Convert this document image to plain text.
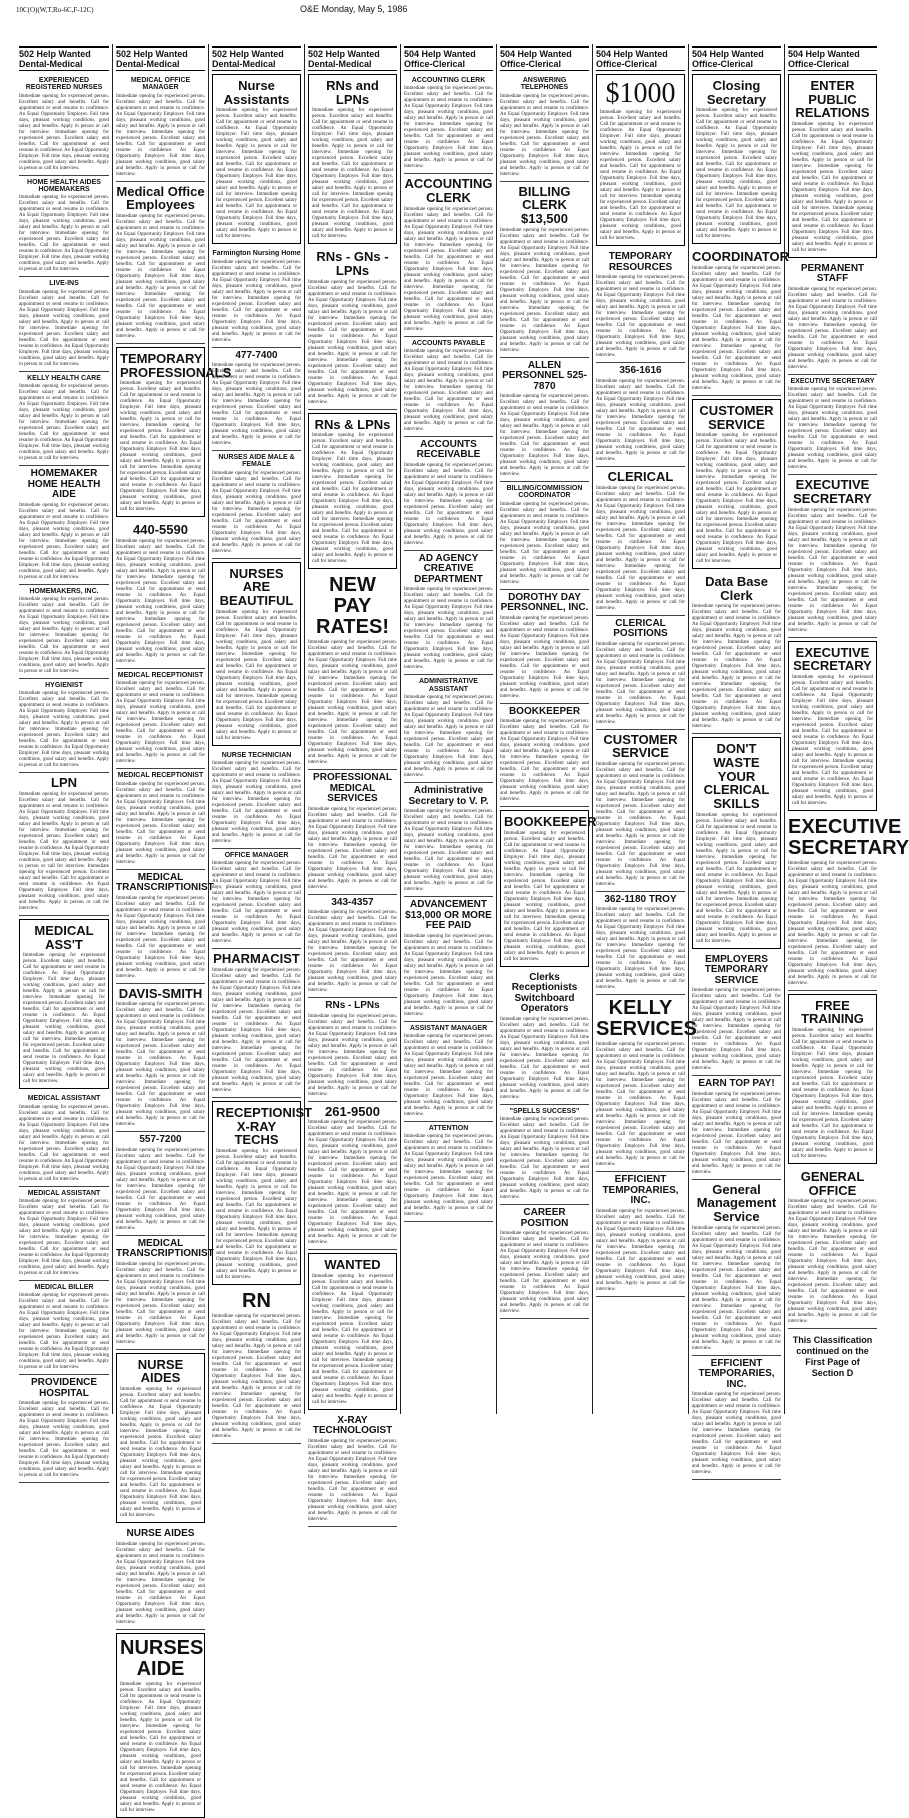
10C(O)(W,T,Ro-6C,F-12C)	O&E Monday, May 5, 1986
502 Help Wanted Dental-Medical
EXPERIENCED REGISTERED NURSES
Immediate opening for experienced person. Excellent salary and benefits. Call for appointment or send resume in confidence. An Equal Opportunity Employer. Full time days, pleasant working conditions, good salary and benefits. Apply in person or call for interview. Immediate opening for experienced person. Excellent salary and benefits. Call for appointment or send resume in confidence. An Equal Opportunity Employer. Full time days, pleasant working conditions, good salary and benefits. Apply in person or call for interview.
HOME HEALTH AIDES HOMEMAKERS
Immediate opening for experienced person. Excellent salary and benefits. Call for appointment or send resume in confidence. An Equal Opportunity Employer. Full time days, pleasant working conditions, good salary and benefits. Apply in person or call for interview. Immediate opening for experienced person. Excellent salary and benefits. Call for appointment or send resume in confidence. An Equal Opportunity Employer. Full time days, pleasant working conditions, good salary and benefits. Apply in person or call for interview.
LIVE-INS
Immediate opening for experienced person. Excellent salary and benefits. Call for appointment or send resume in confidence. An Equal Opportunity Employer. Full time days, pleasant working conditions, good salary and benefits. Apply in person or call for interview. Immediate opening for experienced person. Excellent salary and benefits. Call for appointment or send resume in confidence. An Equal Opportunity Employer. Full time days, pleasant working conditions, good salary and benefits. Apply in person or call for interview.
KELLY HEALTH CARE
Immediate opening for experienced person. Excellent salary and benefits. Call for appointment or send resume in confidence. An Equal Opportunity Employer. Full time days, pleasant working conditions, good salary and benefits. Apply in person or call for interview. Immediate opening for experienced person. Excellent salary and benefits. Call for appointment or send resume in confidence. An Equal Opportunity Employer. Full time days, pleasant working conditions, good salary and benefits. Apply in person or call for interview.
HOMEMAKER HOME HEALTH AIDE
Immediate opening for experienced person. Excellent salary and benefits. Call for appointment or send resume in confidence. An Equal Opportunity Employer. Full time days, pleasant working conditions, good salary and benefits. Apply in person or call for interview. Immediate opening for experienced person. Excellent salary and benefits. Call for appointment or send resume in confidence. An Equal Opportunity Employer. Full time days, pleasant working conditions, good salary and benefits. Apply in person or call for interview.
HOMEMAKERS, INC.
Immediate opening for experienced person. Excellent salary and benefits. Call for appointment or send resume in confidence. An Equal Opportunity Employer. Full time days, pleasant working conditions, good salary and benefits. Apply in person or call for interview. Immediate opening for experienced person. Excellent salary and benefits. Call for appointment or send resume in confidence. An Equal Opportunity Employer. Full time days, pleasant working conditions, good salary and benefits. Apply in person or call for interview.
HYGIENIST
Immediate opening for experienced person. Excellent salary and benefits. Call for appointment or send resume in confidence. An Equal Opportunity Employer. Full time days, pleasant working conditions, good salary and benefits. Apply in person or call for interview. Immediate opening for experienced person. Excellent salary and benefits. Call for appointment or send resume in confidence. An Equal Opportunity Employer. Full time days, pleasant working conditions, good salary and benefits. Apply in person or call for interview.
LPN
Immediate opening for experienced person. Excellent salary and benefits. Call for appointment or send resume in confidence. An Equal Opportunity Employer. Full time days, pleasant working conditions, good salary and benefits. Apply in person or call for interview. Immediate opening for experienced person. Excellent salary and benefits. Call for appointment or send resume in confidence. An Equal Opportunity Employer. Full time days, pleasant working conditions, good salary and benefits. Apply in person or call for interview. Immediate opening for experienced person. Excellent salary and benefits. Call for appointment or send resume in confidence. An Equal Opportunity Employer. Full time days, pleasant working conditions, good salary and benefits. Apply in person or call for interview.
MEDICAL ASS'T
Immediate opening for experienced person. Excellent salary and benefits. Call for appointment or send resume in confidence. An Equal Opportunity Employer. Full time days, pleasant working conditions, good salary and benefits. Apply in person or call for interview. Immediate opening for experienced person. Excellent salary and benefits. Call for appointment or send resume in confidence. An Equal Opportunity Employer. Full time days, pleasant working conditions, good salary and benefits. Apply in person or call for interview. Immediate opening for experienced person. Excellent salary and benefits. Call for appointment or send resume in confidence. An Equal Opportunity Employer. Full time days, pleasant working conditions, good salary and benefits. Apply in person or call for interview.
MEDICAL ASSISTANT
Immediate opening for experienced person. Excellent salary and benefits. Call for appointment or send resume in confidence. An Equal Opportunity Employer. Full time days, pleasant working conditions, good salary and benefits. Apply in person or call for interview. Immediate opening for experienced person. Excellent salary and benefits. Call for appointment or send resume in confidence. An Equal Opportunity Employer. Full time days, pleasant working conditions, good salary and benefits. Apply in person or call for interview.
MEDICAL ASSISTANT
Immediate opening for experienced person. Excellent salary and benefits. Call for appointment or send resume in confidence. An Equal Opportunity Employer. Full time days, pleasant working conditions, good salary and benefits. Apply in person or call for interview. Immediate opening for experienced person. Excellent salary and benefits. Call for appointment or send resume in confidence. An Equal Opportunity Employer. Full time days, pleasant working conditions, good salary and benefits. Apply in person or call for interview.
MEDICAL BILLER
Immediate opening for experienced person. Excellent salary and benefits. Call for appointment or send resume in confidence. An Equal Opportunity Employer. Full time days, pleasant working conditions, good salary and benefits. Apply in person or call for interview. Immediate opening for experienced person. Excellent salary and benefits. Call for appointment or send resume in confidence. An Equal Opportunity Employer. Full time days, pleasant working conditions, good salary and benefits. Apply in person or call for interview.
PROVIDENCE HOSPITAL
Immediate opening for experienced person. Excellent salary and benefits. Call for appointment or send resume in confidence. An Equal Opportunity Employer. Full time days, pleasant working conditions, good salary and benefits. Apply in person or call for interview. Immediate opening for experienced person. Excellent salary and benefits. Call for appointment or send resume in confidence. An Equal Opportunity Employer. Full time days, pleasant working conditions, good salary and benefits. Apply in person or call for interview.
502 Help Wanted Dental-Medical
MEDICAL OFFICE MANAGER
Immediate opening for experienced person. Excellent salary and benefits. Call for appointment or send resume in confidence. An Equal Opportunity Employer. Full time days, pleasant working conditions, good salary and benefits. Apply in person or call for interview. Immediate opening for experienced person. Excellent salary and benefits. Call for appointment or send resume in confidence. An Equal Opportunity Employer. Full time days, pleasant working conditions, good salary and benefits. Apply in person or call for interview.
Medical Office Employees
Immediate opening for experienced person. Excellent salary and benefits. Call for appointment or send resume in confidence. An Equal Opportunity Employer. Full time days, pleasant working conditions, good salary and benefits. Apply in person or call for interview. Immediate opening for experienced person. Excellent salary and benefits. Call for appointment or send resume in confidence. An Equal Opportunity Employer. Full time days, pleasant working conditions, good salary and benefits. Apply in person or call for interview. Immediate opening for experienced person. Excellent salary and benefits. Call for appointment or send resume in confidence. An Equal Opportunity Employer. Full time days, pleasant working conditions, good salary and benefits. Apply in person or call for interview.
TEMPORARY PROFESSIONALS
Immediate opening for experienced person. Excellent salary and benefits. Call for appointment or send resume in confidence. An Equal Opportunity Employer. Full time days, pleasant working conditions, good salary and benefits. Apply in person or call for interview. Immediate opening for experienced person. Excellent salary and benefits. Call for appointment or send resume in confidence. An Equal Opportunity Employer. Full time days, pleasant working conditions, good salary and benefits. Apply in person or call for interview. Immediate opening for experienced person. Excellent salary and benefits. Call for appointment or send resume in confidence. An Equal Opportunity Employer. Full time days, pleasant working conditions, good salary and benefits. Apply in person or call for interview.
440-5590
Immediate opening for experienced person. Excellent salary and benefits. Call for appointment or send resume in confidence. An Equal Opportunity Employer. Full time days, pleasant working conditions, good salary and benefits. Apply in person or call for interview. Immediate opening for experienced person. Excellent salary and benefits. Call for appointment or send resume in confidence. An Equal Opportunity Employer. Full time days, pleasant working conditions, good salary and benefits. Apply in person or call for interview. Immediate opening for experienced person. Excellent salary and benefits. Call for appointment or send resume in confidence. An Equal Opportunity Employer. Full time days, pleasant working conditions, good salary and benefits. Apply in person or call for interview.
MEDICAL RECEPTIONIST
Immediate opening for experienced person. Excellent salary and benefits. Call for appointment or send resume in confidence. An Equal Opportunity Employer. Full time days, pleasant working conditions, good salary and benefits. Apply in person or call for interview. Immediate opening for experienced person. Excellent salary and benefits. Call for appointment or send resume in confidence. An Equal Opportunity Employer. Full time days, pleasant working conditions, good salary and benefits. Apply in person or call for interview.
MEDICAL RECEPTIONIST
Immediate opening for experienced person. Excellent salary and benefits. Call for appointment or send resume in confidence. An Equal Opportunity Employer. Full time days, pleasant working conditions, good salary and benefits. Apply in person or call for interview. Immediate opening for experienced person. Excellent salary and benefits. Call for appointment or send resume in confidence. An Equal Opportunity Employer. Full time days, pleasant working conditions, good salary and benefits. Apply in person or call for interview.
MEDICAL TRANSCRIPTIONIST
Immediate opening for experienced person. Excellent salary and benefits. Call for appointment or send resume in confidence. An Equal Opportunity Employer. Full time days, pleasant working conditions, good salary and benefits. Apply in person or call for interview. Immediate opening for experienced person. Excellent salary and benefits. Call for appointment or send resume in confidence. An Equal Opportunity Employer. Full time days, pleasant working conditions, good salary and benefits. Apply in person or call for interview.
DAVIS-SMITH
Immediate opening for experienced person. Excellent salary and benefits. Call for appointment or send resume in confidence. An Equal Opportunity Employer. Full time days, pleasant working conditions, good salary and benefits. Apply in person or call for interview. Immediate opening for experienced person. Excellent salary and benefits. Call for appointment or send resume in confidence. An Equal Opportunity Employer. Full time days, pleasant working conditions, good salary and benefits. Apply in person or call for interview. Immediate opening for experienced person. Excellent salary and benefits. Call for appointment or send resume in confidence. An Equal Opportunity Employer. Full time days, pleasant working conditions, good salary and benefits. Apply in person or call for interview.
557-7200
Immediate opening for experienced person. Excellent salary and benefits. Call for appointment or send resume in confidence. An Equal Opportunity Employer. Full time days, pleasant working conditions, good salary and benefits. Apply in person or call for interview. Immediate opening for experienced person. Excellent salary and benefits. Call for appointment or send resume in confidence. An Equal Opportunity Employer. Full time days, pleasant working conditions, good salary and benefits. Apply in person or call for interview.
MEDICAL TRANSCRIPTIONIST
Immediate opening for experienced person. Excellent salary and benefits. Call for appointment or send resume in confidence. An Equal Opportunity Employer. Full time days, pleasant working conditions, good salary and benefits. Apply in person or call for interview. Immediate opening for experienced person. Excellent salary and benefits. Call for appointment or send resume in confidence. An Equal Opportunity Employer. Full time days, pleasant working conditions, good salary and benefits. Apply in person or call for interview.
NURSE AIDES
Immediate opening for experienced person. Excellent salary and benefits. Call for appointment or send resume in confidence. An Equal Opportunity Employer. Full time days, pleasant working conditions, good salary and benefits. Apply in person or call for interview. Immediate opening for experienced person. Excellent salary and benefits. Call for appointment or send resume in confidence. An Equal Opportunity Employer. Full time days, pleasant working conditions, good salary and benefits. Apply in person or call for interview. Immediate opening for experienced person. Excellent salary and benefits. Call for appointment or send resume in confidence. An Equal Opportunity Employer. Full time days, pleasant working conditions, good salary and benefits. Apply in person or call for interview.
NURSE AIDES
Immediate opening for experienced person. Excellent salary and benefits. Call for appointment or send resume in confidence. An Equal Opportunity Employer. Full time days, pleasant working conditions, good salary and benefits. Apply in person or call for interview. Immediate opening for experienced person. Excellent salary and benefits. Call for appointment or send resume in confidence. An Equal Opportunity Employer. Full time days, pleasant working conditions, good salary and benefits. Apply in person or call for interview.
NURSES AIDE
Immediate opening for experienced person. Excellent salary and benefits. Call for appointment or send resume in confidence. An Equal Opportunity Employer. Full time days, pleasant working conditions, good salary and benefits. Apply in person or call for interview. Immediate opening for experienced person. Excellent salary and benefits. Call for appointment or send resume in confidence. An Equal Opportunity Employer. Full time days, pleasant working conditions, good salary and benefits. Apply in person or call for interview. Immediate opening for experienced person. Excellent salary and benefits. Call for appointment or send resume in confidence. An Equal Opportunity Employer. Full time days, pleasant working conditions, good salary and benefits. Apply in person or call for interview.
502 Help Wanted Dental-Medical
Nurse Assistants
Immediate opening for experienced person. Excellent salary and benefits. Call for appointment or send resume in confidence. An Equal Opportunity Employer. Full time days, pleasant working conditions, good salary and benefits. Apply in person or call for interview. Immediate opening for experienced person. Excellent salary and benefits. Call for appointment or send resume in confidence. An Equal Opportunity Employer. Full time days, pleasant working conditions, good salary and benefits. Apply in person or call for interview. Immediate opening for experienced person. Excellent salary and benefits. Call for appointment or send resume in confidence. An Equal Opportunity Employer. Full time days, pleasant working conditions, good salary and benefits. Apply in person or call for interview.
Farmington Nursing Home
Immediate opening for experienced person. Excellent salary and benefits. Call for appointment or send resume in confidence. An Equal Opportunity Employer. Full time days, pleasant working conditions, good salary and benefits. Apply in person or call for interview. Immediate opening for experienced person. Excellent salary and benefits. Call for appointment or send resume in confidence. An Equal Opportunity Employer. Full time days, pleasant working conditions, good salary and benefits. Apply in person or call for interview.
477-7400
Immediate opening for experienced person. Excellent salary and benefits. Call for appointment or send resume in confidence. An Equal Opportunity Employer. Full time days, pleasant working conditions, good salary and benefits. Apply in person or call for interview. Immediate opening for experienced person. Excellent salary and benefits. Call for appointment or send resume in confidence. An Equal Opportunity Employer. Full time days, pleasant working conditions, good salary and benefits. Apply in person or call for interview.
NURSES AIDE MALE & FEMALE
Immediate opening for experienced person. Excellent salary and benefits. Call for appointment or send resume in confidence. An Equal Opportunity Employer. Full time days, pleasant working conditions, good salary and benefits. Apply in person or call for interview. Immediate opening for experienced person. Excellent salary and benefits. Call for appointment or send resume in confidence. An Equal Opportunity Employer. Full time days, pleasant working conditions, good salary and benefits. Apply in person or call for interview.
NURSES ARE BEAUTIFUL
Immediate opening for experienced person. Excellent salary and benefits. Call for appointment or send resume in confidence. An Equal Opportunity Employer. Full time days, pleasant working conditions, good salary and benefits. Apply in person or call for interview. Immediate opening for experienced person. Excellent salary and benefits. Call for appointment or send resume in confidence. An Equal Opportunity Employer. Full time days, pleasant working conditions, good salary and benefits. Apply in person or call for interview. Immediate opening for experienced person. Excellent salary and benefits. Call for appointment or send resume in confidence. An Equal Opportunity Employer. Full time days, pleasant working conditions, good salary and benefits. Apply in person or call for interview.
NURSE TECHNICIAN
Immediate opening for experienced person. Excellent salary and benefits. Call for appointment or send resume in confidence. An Equal Opportunity Employer. Full time days, pleasant working conditions, good salary and benefits. Apply in person or call for interview. Immediate opening for experienced person. Excellent salary and benefits. Call for appointment or send resume in confidence. An Equal Opportunity Employer. Full time days, pleasant working conditions, good salary and benefits. Apply in person or call for interview.
OFFICE MANAGER
Immediate opening for experienced person. Excellent salary and benefits. Call for appointment or send resume in confidence. An Equal Opportunity Employer. Full time days, pleasant working conditions, good salary and benefits. Apply in person or call for interview. Immediate opening for experienced person. Excellent salary and benefits. Call for appointment or send resume in confidence. An Equal Opportunity Employer. Full time days, pleasant working conditions, good salary and benefits. Apply in person or call for interview.
PHARMACIST
Immediate opening for experienced person. Excellent salary and benefits. Call for appointment or send resume in confidence. An Equal Opportunity Employer. Full time days, pleasant working conditions, good salary and benefits. Apply in person or call for interview. Immediate opening for experienced person. Excellent salary and benefits. Call for appointment or send resume in confidence. An Equal Opportunity Employer. Full time days, pleasant working conditions, good salary and benefits. Apply in person or call for interview. Immediate opening for experienced person. Excellent salary and benefits. Call for appointment or send resume in confidence. An Equal Opportunity Employer. Full time days, pleasant working conditions, good salary and benefits. Apply in person or call for interview.
RECEPTIONIST X-RAY TECHS
Immediate opening for experienced person. Excellent salary and benefits. Call for appointment or send resume in confidence. An Equal Opportunity Employer. Full time days, pleasant working conditions, good salary and benefits. Apply in person or call for interview. Immediate opening for experienced person. Excellent salary and benefits. Call for appointment or send resume in confidence. An Equal Opportunity Employer. Full time days, pleasant working conditions, good salary and benefits. Apply in person or call for interview. Immediate opening for experienced person. Excellent salary and benefits. Call for appointment or send resume in confidence. An Equal Opportunity Employer. Full time days, pleasant working conditions, good salary and benefits. Apply in person or call for interview.
RN
Immediate opening for experienced person. Excellent salary and benefits. Call for appointment or send resume in confidence. An Equal Opportunity Employer. Full time days, pleasant working conditions, good salary and benefits. Apply in person or call for interview. Immediate opening for experienced person. Excellent salary and benefits. Call for appointment or send resume in confidence. An Equal Opportunity Employer. Full time days, pleasant working conditions, good salary and benefits. Apply in person or call for interview. Immediate opening for experienced person. Excellent salary and benefits. Call for appointment or send resume in confidence. An Equal Opportunity Employer. Full time days, pleasant working conditions, good salary and benefits. Apply in person or call for interview.
502 Help Wanted Dental-Medical
RNs and LPNs
Immediate opening for experienced person. Excellent salary and benefits. Call for appointment or send resume in confidence. An Equal Opportunity Employer. Full time days, pleasant working conditions, good salary and benefits. Apply in person or call for interview. Immediate opening for experienced person. Excellent salary and benefits. Call for appointment or send resume in confidence. An Equal Opportunity Employer. Full time days, pleasant working conditions, good salary and benefits. Apply in person or call for interview. Immediate opening for experienced person. Excellent salary and benefits. Call for appointment or send resume in confidence. An Equal Opportunity Employer. Full time days, pleasant working conditions, good salary and benefits. Apply in person or call for interview.
RNs - GNs - LPNs
Immediate opening for experienced person. Excellent salary and benefits. Call for appointment or send resume in confidence. An Equal Opportunity Employer. Full time days, pleasant working conditions, good salary and benefits. Apply in person or call for interview. Immediate opening for experienced person. Excellent salary and benefits. Call for appointment or send resume in confidence. An Equal Opportunity Employer. Full time days, pleasant working conditions, good salary and benefits. Apply in person or call for interview. Immediate opening for experienced person. Excellent salary and benefits. Call for appointment or send resume in confidence. An Equal Opportunity Employer. Full time days, pleasant working conditions, good salary and benefits. Apply in person or call for interview.
RNs & LPNs
Immediate opening for experienced person. Excellent salary and benefits. Call for appointment or send resume in confidence. An Equal Opportunity Employer. Full time days, pleasant working conditions, good salary and benefits. Apply in person or call for interview. Immediate opening for experienced person. Excellent salary and benefits. Call for appointment or send resume in confidence. An Equal Opportunity Employer. Full time days, pleasant working conditions, good salary and benefits. Apply in person or call for interview. Immediate opening for experienced person. Excellent salary and benefits. Call for appointment or send resume in confidence. An Equal Opportunity Employer. Full time days, pleasant working conditions, good salary and benefits. Apply in person or call for interview.
NEW PAY RATES!
Immediate opening for experienced person. Excellent salary and benefits. Call for appointment or send resume in confidence. An Equal Opportunity Employer. Full time days, pleasant working conditions, good salary and benefits. Apply in person or call for interview. Immediate opening for experienced person. Excellent salary and benefits. Call for appointment or send resume in confidence. An Equal Opportunity Employer. Full time days, pleasant working conditions, good salary and benefits. Apply in person or call for interview. Immediate opening for experienced person. Excellent salary and benefits. Call for appointment or send resume in confidence. An Equal Opportunity Employer. Full time days, pleasant working conditions, good salary and benefits. Apply in person or call for interview.
PROFESSIONAL MEDICAL SERVICES
Immediate opening for experienced person. Excellent salary and benefits. Call for appointment or send resume in confidence. An Equal Opportunity Employer. Full time days, pleasant working conditions, good salary and benefits. Apply in person or call for interview. Immediate opening for experienced person. Excellent salary and benefits. Call for appointment or send resume in confidence. An Equal Opportunity Employer. Full time days, pleasant working conditions, good salary and benefits. Apply in person or call for interview.
343-4357
Immediate opening for experienced person. Excellent salary and benefits. Call for appointment or send resume in confidence. An Equal Opportunity Employer. Full time days, pleasant working conditions, good salary and benefits. Apply in person or call for interview. Immediate opening for experienced person. Excellent salary and benefits. Call for appointment or send resume in confidence. An Equal Opportunity Employer. Full time days, pleasant working conditions, good salary and benefits. Apply in person or call for interview.
RNs - LPNs
Immediate opening for experienced person. Excellent salary and benefits. Call for appointment or send resume in confidence. An Equal Opportunity Employer. Full time days, pleasant working conditions, good salary and benefits. Apply in person or call for interview. Immediate opening for experienced person. Excellent salary and benefits. Call for appointment or send resume in confidence. An Equal Opportunity Employer. Full time days, pleasant working conditions, good salary and benefits. Apply in person or call for interview.
261-9500
Immediate opening for experienced person. Excellent salary and benefits. Call for appointment or send resume in confidence. An Equal Opportunity Employer. Full time days, pleasant working conditions, good salary and benefits. Apply in person or call for interview. Immediate opening for experienced person. Excellent salary and benefits. Call for appointment or send resume in confidence. An Equal Opportunity Employer. Full time days, pleasant working conditions, good salary and benefits. Apply in person or call for interview. Immediate opening for experienced person. Excellent salary and benefits. Call for appointment or send resume in confidence. An Equal Opportunity Employer. Full time days, pleasant working conditions, good salary and benefits. Apply in person or call for interview.
WANTED
Immediate opening for experienced person. Excellent salary and benefits. Call for appointment or send resume in confidence. An Equal Opportunity Employer. Full time days, pleasant working conditions, good salary and benefits. Apply in person or call for interview. Immediate opening for experienced person. Excellent salary and benefits. Call for appointment or send resume in confidence. An Equal Opportunity Employer. Full time days, pleasant working conditions, good salary and benefits. Apply in person or call for interview. Immediate opening for experienced person. Excellent salary and benefits. Call for appointment or send resume in confidence. An Equal Opportunity Employer. Full time days, pleasant working conditions, good salary and benefits. Apply in person or call for interview.
X-RAY TECHNOLOGIST
Immediate opening for experienced person. Excellent salary and benefits. Call for appointment or send resume in confidence. An Equal Opportunity Employer. Full time days, pleasant working conditions, good salary and benefits. Apply in person or call for interview. Immediate opening for experienced person. Excellent salary and benefits. Call for appointment or send resume in confidence. An Equal Opportunity Employer. Full time days, pleasant working conditions, good salary and benefits. Apply in person or call for interview.
504 Help Wanted Office-Clerical
ACCOUNTING CLERK
Immediate opening for experienced person. Excellent salary and benefits. Call for appointment or send resume in confidence. An Equal Opportunity Employer. Full time days, pleasant working conditions, good salary and benefits. Apply in person or call for interview. Immediate opening for experienced person. Excellent salary and benefits. Call for appointment or send resume in confidence. An Equal Opportunity Employer. Full time days, pleasant working conditions, good salary and benefits. Apply in person or call for interview.
ACCOUNTING CLERK
Immediate opening for experienced person. Excellent salary and benefits. Call for appointment or send resume in confidence. An Equal Opportunity Employer. Full time days, pleasant working conditions, good salary and benefits. Apply in person or call for interview. Immediate opening for experienced person. Excellent salary and benefits. Call for appointment or send resume in confidence. An Equal Opportunity Employer. Full time days, pleasant working conditions, good salary and benefits. Apply in person or call for interview. Immediate opening for experienced person. Excellent salary and benefits. Call for appointment or send resume in confidence. An Equal Opportunity Employer. Full time days, pleasant working conditions, good salary and benefits. Apply in person or call for interview.
ACCOUNTS PAYABLE
Immediate opening for experienced person. Excellent salary and benefits. Call for appointment or send resume in confidence. An Equal Opportunity Employer. Full time days, pleasant working conditions, good salary and benefits. Apply in person or call for interview. Immediate opening for experienced person. Excellent salary and benefits. Call for appointment or send resume in confidence. An Equal Opportunity Employer. Full time days, pleasant working conditions, good salary and benefits. Apply in person or call for interview.
ACCOUNTS RECEIVABLE
Immediate opening for experienced person. Excellent salary and benefits. Call for appointment or send resume in confidence. An Equal Opportunity Employer. Full time days, pleasant working conditions, good salary and benefits. Apply in person or call for interview. Immediate opening for experienced person. Excellent salary and benefits. Call for appointment or send resume in confidence. An Equal Opportunity Employer. Full time days, pleasant working conditions, good salary and benefits. Apply in person or call for interview.
AD AGENCY CREATIVE DEPARTMENT
Immediate opening for experienced person. Excellent salary and benefits. Call for appointment or send resume in confidence. An Equal Opportunity Employer. Full time days, pleasant working conditions, good salary and benefits. Apply in person or call for interview. Immediate opening for experienced person. Excellent salary and benefits. Call for appointment or send resume in confidence. An Equal Opportunity Employer. Full time days, pleasant working conditions, good salary and benefits. Apply in person or call for interview.
ADMINISTRATIVE ASSISTANT
Immediate opening for experienced person. Excellent salary and benefits. Call for appointment or send resume in confidence. An Equal Opportunity Employer. Full time days, pleasant working conditions, good salary and benefits. Apply in person or call for interview. Immediate opening for experienced person. Excellent salary and benefits. Call for appointment or send resume in confidence. An Equal Opportunity Employer. Full time days, pleasant working conditions, good salary and benefits. Apply in person or call for interview.
Administrative Secretary to V. P.
Immediate opening for experienced person. Excellent salary and benefits. Call for appointment or send resume in confidence. An Equal Opportunity Employer. Full time days, pleasant working conditions, good salary and benefits. Apply in person or call for interview. Immediate opening for experienced person. Excellent salary and benefits. Call for appointment or send resume in confidence. An Equal Opportunity Employer. Full time days, pleasant working conditions, good salary and benefits. Apply in person or call for interview.
ADVANCEMENT $13,000 OR MORE FEE PAID
Immediate opening for experienced person. Excellent salary and benefits. Call for appointment or send resume in confidence. An Equal Opportunity Employer. Full time days, pleasant working conditions, good salary and benefits. Apply in person or call for interview. Immediate opening for experienced person. Excellent salary and benefits. Call for appointment or send resume in confidence. An Equal Opportunity Employer. Full time days, pleasant working conditions, good salary and benefits. Apply in person or call for interview.
ASSISTANT MANAGER
Immediate opening for experienced person. Excellent salary and benefits. Call for appointment or send resume in confidence. An Equal Opportunity Employer. Full time days, pleasant working conditions, good salary and benefits. Apply in person or call for interview. Immediate opening for experienced person. Excellent salary and benefits. Call for appointment or send resume in confidence. An Equal Opportunity Employer. Full time days, pleasant working conditions, good salary and benefits. Apply in person or call for interview.
ATTENTION
Immediate opening for experienced person. Excellent salary and benefits. Call for appointment or send resume in confidence. An Equal Opportunity Employer. Full time days, pleasant working conditions, good salary and benefits. Apply in person or call for interview. Immediate opening for experienced person. Excellent salary and benefits. Call for appointment or send resume in confidence. An Equal Opportunity Employer. Full time days, pleasant working conditions, good salary and benefits. Apply in person or call for interview.
504 Help Wanted Office-Clerical
ANSWERING TELEPHONES
Immediate opening for experienced person. Excellent salary and benefits. Call for appointment or send resume in confidence. An Equal Opportunity Employer. Full time days, pleasant working conditions, good salary and benefits. Apply in person or call for interview. Immediate opening for experienced person. Excellent salary and benefits. Call for appointment or send resume in confidence. An Equal Opportunity Employer. Full time days, pleasant working conditions, good salary and benefits. Apply in person or call for interview.
BILLING CLERK $13,500
Immediate opening for experienced person. Excellent salary and benefits. Call for appointment or send resume in confidence. An Equal Opportunity Employer. Full time days, pleasant working conditions, good salary and benefits. Apply in person or call for interview. Immediate opening for experienced person. Excellent salary and benefits. Call for appointment or send resume in confidence. An Equal Opportunity Employer. Full time days, pleasant working conditions, good salary and benefits. Apply in person or call for interview. Immediate opening for experienced person. Excellent salary and benefits. Call for appointment or send resume in confidence. An Equal Opportunity Employer. Full time days, pleasant working conditions, good salary and benefits. Apply in person or call for interview.
ALLEN PERSONNEL 525-7870
Immediate opening for experienced person. Excellent salary and benefits. Call for appointment or send resume in confidence. An Equal Opportunity Employer. Full time days, pleasant working conditions, good salary and benefits. Apply in person or call for interview. Immediate opening for experienced person. Excellent salary and benefits. Call for appointment or send resume in confidence. An Equal Opportunity Employer. Full time days, pleasant working conditions, good salary and benefits. Apply in person or call for interview.
BILLING/COMMISSION COORDINATOR
Immediate opening for experienced person. Excellent salary and benefits. Call for appointment or send resume in confidence. An Equal Opportunity Employer. Full time days, pleasant working conditions, good salary and benefits. Apply in person or call for interview. Immediate opening for experienced person. Excellent salary and benefits. Call for appointment or send resume in confidence. An Equal Opportunity Employer. Full time days, pleasant working conditions, good salary and benefits. Apply in person or call for interview.
DOROTHY DAY PERSONNEL, INC.
Immediate opening for experienced person. Excellent salary and benefits. Call for appointment or send resume in confidence. An Equal Opportunity Employer. Full time days, pleasant working conditions, good salary and benefits. Apply in person or call for interview. Immediate opening for experienced person. Excellent salary and benefits. Call for appointment or send resume in confidence. An Equal Opportunity Employer. Full time days, pleasant working conditions, good salary and benefits. Apply in person or call for interview.
BOOKKEEPER
Immediate opening for experienced person. Excellent salary and benefits. Call for appointment or send resume in confidence. An Equal Opportunity Employer. Full time days, pleasant working conditions, good salary and benefits. Apply in person or call for interview. Immediate opening for experienced person. Excellent salary and benefits. Call for appointment or send resume in confidence. An Equal Opportunity Employer. Full time days, pleasant working conditions, good salary and benefits. Apply in person or call for interview.
BOOKKEEPER
Immediate opening for experienced person. Excellent salary and benefits. Call for appointment or send resume in confidence. An Equal Opportunity Employer. Full time days, pleasant working conditions, good salary and benefits. Apply in person or call for interview. Immediate opening for experienced person. Excellent salary and benefits. Call for appointment or send resume in confidence. An Equal Opportunity Employer. Full time days, pleasant working conditions, good salary and benefits. Apply in person or call for interview. Immediate opening for experienced person. Excellent salary and benefits. Call for appointment or send resume in confidence. An Equal Opportunity Employer. Full time days, pleasant working conditions, good salary and benefits. Apply in person or call for interview.
Clerks Receptionists Switchboard Operators
Immediate opening for experienced person. Excellent salary and benefits. Call for appointment or send resume in confidence. An Equal Opportunity Employer. Full time days, pleasant working conditions, good salary and benefits. Apply in person or call for interview. Immediate opening for experienced person. Excellent salary and benefits. Call for appointment or send resume in confidence. An Equal Opportunity Employer. Full time days, pleasant working conditions, good salary and benefits. Apply in person or call for interview.
"SPELLS SUCCESS"
Immediate opening for experienced person. Excellent salary and benefits. Call for appointment or send resume in confidence. An Equal Opportunity Employer. Full time days, pleasant working conditions, good salary and benefits. Apply in person or call for interview. Immediate opening for experienced person. Excellent salary and benefits. Call for appointment or send resume in confidence. An Equal Opportunity Employer. Full time days, pleasant working conditions, good salary and benefits. Apply in person or call for interview.
CAREER POSITION
Immediate opening for experienced person. Excellent salary and benefits. Call for appointment or send resume in confidence. An Equal Opportunity Employer. Full time days, pleasant working conditions, good salary and benefits. Apply in person or call for interview. Immediate opening for experienced person. Excellent salary and benefits. Call for appointment or send resume in confidence. An Equal Opportunity Employer. Full time days, pleasant working conditions, good salary and benefits. Apply in person or call for interview.
504 Help Wanted Office-Clerical
$1000
Immediate opening for experienced person. Excellent salary and benefits. Call for appointment or send resume in confidence. An Equal Opportunity Employer. Full time days, pleasant working conditions, good salary and benefits. Apply in person or call for interview. Immediate opening for experienced person. Excellent salary and benefits. Call for appointment or send resume in confidence. An Equal Opportunity Employer. Full time days, pleasant working conditions, good salary and benefits. Apply in person or call for interview. Immediate opening for experienced person. Excellent salary and benefits. Call for appointment or send resume in confidence. An Equal Opportunity Employer. Full time days, pleasant working conditions, good salary and benefits. Apply in person or call for interview.
TEMPORARY RESOURCES
Immediate opening for experienced person. Excellent salary and benefits. Call for appointment or send resume in confidence. An Equal Opportunity Employer. Full time days, pleasant working conditions, good salary and benefits. Apply in person or call for interview. Immediate opening for experienced person. Excellent salary and benefits. Call for appointment or send resume in confidence. An Equal Opportunity Employer. Full time days, pleasant working conditions, good salary and benefits. Apply in person or call for interview.
356-1616
Immediate opening for experienced person. Excellent salary and benefits. Call for appointment or send resume in confidence. An Equal Opportunity Employer. Full time days, pleasant working conditions, good salary and benefits. Apply in person or call for interview. Immediate opening for experienced person. Excellent salary and benefits. Call for appointment or send resume in confidence. An Equal Opportunity Employer. Full time days, pleasant working conditions, good salary and benefits. Apply in person or call for interview.
CLERICAL
Immediate opening for experienced person. Excellent salary and benefits. Call for appointment or send resume in confidence. An Equal Opportunity Employer. Full time days, pleasant working conditions, good salary and benefits. Apply in person or call for interview. Immediate opening for experienced person. Excellent salary and benefits. Call for appointment or send resume in confidence. An Equal Opportunity Employer. Full time days, pleasant working conditions, good salary and benefits. Apply in person or call for interview. Immediate opening for experienced person. Excellent salary and benefits. Call for appointment or send resume in confidence. An Equal Opportunity Employer. Full time days, pleasant working conditions, good salary and benefits. Apply in person or call for interview.
CLERICAL POSITIONS
Immediate opening for experienced person. Excellent salary and benefits. Call for appointment or send resume in confidence. An Equal Opportunity Employer. Full time days, pleasant working conditions, good salary and benefits. Apply in person or call for interview. Immediate opening for experienced person. Excellent salary and benefits. Call for appointment or send resume in confidence. An Equal Opportunity Employer. Full time days, pleasant working conditions, good salary and benefits. Apply in person or call for interview.
CUSTOMER SERVICE
Immediate opening for experienced person. Excellent salary and benefits. Call for appointment or send resume in confidence. An Equal Opportunity Employer. Full time days, pleasant working conditions, good salary and benefits. Apply in person or call for interview. Immediate opening for experienced person. Excellent salary and benefits. Call for appointment or send resume in confidence. An Equal Opportunity Employer. Full time days, pleasant working conditions, good salary and benefits. Apply in person or call for interview. Immediate opening for experienced person. Excellent salary and benefits. Call for appointment or send resume in confidence. An Equal Opportunity Employer. Full time days, pleasant working conditions, good salary and benefits. Apply in person or call for interview.
362-1180 TROY
Immediate opening for experienced person. Excellent salary and benefits. Call for appointment or send resume in confidence. An Equal Opportunity Employer. Full time days, pleasant working conditions, good salary and benefits. Apply in person or call for interview. Immediate opening for experienced person. Excellent salary and benefits. Call for appointment or send resume in confidence. An Equal Opportunity Employer. Full time days, pleasant working conditions, good salary and benefits. Apply in person or call for interview.
KELLY SERVICES
Immediate opening for experienced person. Excellent salary and benefits. Call for appointment or send resume in confidence. An Equal Opportunity Employer. Full time days, pleasant working conditions, good salary and benefits. Apply in person or call for interview. Immediate opening for experienced person. Excellent salary and benefits. Call for appointment or send resume in confidence. An Equal Opportunity Employer. Full time days, pleasant working conditions, good salary and benefits. Apply in person or call for interview. Immediate opening for experienced person. Excellent salary and benefits. Call for appointment or send resume in confidence. An Equal Opportunity Employer. Full time days, pleasant working conditions, good salary and benefits. Apply in person or call for interview.
EFFICIENT TEMPORARIES, INC.
Immediate opening for experienced person. Excellent salary and benefits. Call for appointment or send resume in confidence. An Equal Opportunity Employer. Full time days, pleasant working conditions, good salary and benefits. Apply in person or call for interview. Immediate opening for experienced person. Excellent salary and benefits. Call for appointment or send resume in confidence. An Equal Opportunity Employer. Full time days, pleasant working conditions, good salary and benefits. Apply in person or call for interview.
504 Help Wanted Office-Clerical
Closing Secretary
Immediate opening for experienced person. Excellent salary and benefits. Call for appointment or send resume in confidence. An Equal Opportunity Employer. Full time days, pleasant working conditions, good salary and benefits. Apply in person or call for interview. Immediate opening for experienced person. Excellent salary and benefits. Call for appointment or send resume in confidence. An Equal Opportunity Employer. Full time days, pleasant working conditions, good salary and benefits. Apply in person or call for interview. Immediate opening for experienced person. Excellent salary and benefits. Call for appointment or send resume in confidence. An Equal Opportunity Employer. Full time days, pleasant working conditions, good salary and benefits. Apply in person or call for interview.
COORDINATOR
Immediate opening for experienced person. Excellent salary and benefits. Call for appointment or send resume in confidence. An Equal Opportunity Employer. Full time days, pleasant working conditions, good salary and benefits. Apply in person or call for interview. Immediate opening for experienced person. Excellent salary and benefits. Call for appointment or send resume in confidence. An Equal Opportunity Employer. Full time days, pleasant working conditions, good salary and benefits. Apply in person or call for interview. Immediate opening for experienced person. Excellent salary and benefits. Call for appointment or send resume in confidence. An Equal Opportunity Employer. Full time days, pleasant working conditions, good salary and benefits. Apply in person or call for interview.
CUSTOMER SERVICE
Immediate opening for experienced person. Excellent salary and benefits. Call for appointment or send resume in confidence. An Equal Opportunity Employer. Full time days, pleasant working conditions, good salary and benefits. Apply in person or call for interview. Immediate opening for experienced person. Excellent salary and benefits. Call for appointment or send resume in confidence. An Equal Opportunity Employer. Full time days, pleasant working conditions, good salary and benefits. Apply in person or call for interview. Immediate opening for experienced person. Excellent salary and benefits. Call for appointment or send resume in confidence. An Equal Opportunity Employer. Full time days, pleasant working conditions, good salary and benefits. Apply in person or call for interview.
Data Base Clerk
Immediate opening for experienced person. Excellent salary and benefits. Call for appointment or send resume in confidence. An Equal Opportunity Employer. Full time days, pleasant working conditions, good salary and benefits. Apply in person or call for interview. Immediate opening for experienced person. Excellent salary and benefits. Call for appointment or send resume in confidence. An Equal Opportunity Employer. Full time days, pleasant working conditions, good salary and benefits. Apply in person or call for interview. Immediate opening for experienced person. Excellent salary and benefits. Call for appointment or send resume in confidence. An Equal Opportunity Employer. Full time days, pleasant working conditions, good salary and benefits. Apply in person or call for interview.
DON'T WASTE YOUR CLERICAL SKILLS
Immediate opening for experienced person. Excellent salary and benefits. Call for appointment or send resume in confidence. An Equal Opportunity Employer. Full time days, pleasant working conditions, good salary and benefits. Apply in person or call for interview. Immediate opening for experienced person. Excellent salary and benefits. Call for appointment or send resume in confidence. An Equal Opportunity Employer. Full time days, pleasant working conditions, good salary and benefits. Apply in person or call for interview. Immediate opening for experienced person. Excellent salary and benefits. Call for appointment or send resume in confidence. An Equal Opportunity Employer. Full time days, pleasant working conditions, good salary and benefits. Apply in person or call for interview.
EMPLOYERS TEMPORARY SERVICE
Immediate opening for experienced person. Excellent salary and benefits. Call for appointment or send resume in confidence. An Equal Opportunity Employer. Full time days, pleasant working conditions, good salary and benefits. Apply in person or call for interview. Immediate opening for experienced person. Excellent salary and benefits. Call for appointment or send resume in confidence. An Equal Opportunity Employer. Full time days, pleasant working conditions, good salary and benefits. Apply in person or call for interview.
EARN TOP PAY!
Immediate opening for experienced person. Excellent salary and benefits. Call for appointment or send resume in confidence. An Equal Opportunity Employer. Full time days, pleasant working conditions, good salary and benefits. Apply in person or call for interview. Immediate opening for experienced person. Excellent salary and benefits. Call for appointment or send resume in confidence. An Equal Opportunity Employer. Full time days, pleasant working conditions, good salary and benefits. Apply in person or call for interview.
General Management Service
Immediate opening for experienced person. Excellent salary and benefits. Call for appointment or send resume in confidence. An Equal Opportunity Employer. Full time days, pleasant working conditions, good salary and benefits. Apply in person or call for interview. Immediate opening for experienced person. Excellent salary and benefits. Call for appointment or send resume in confidence. An Equal Opportunity Employer. Full time days, pleasant working conditions, good salary and benefits. Apply in person or call for interview. Immediate opening for experienced person. Excellent salary and benefits. Call for appointment or send resume in confidence. An Equal Opportunity Employer. Full time days, pleasant working conditions, good salary and benefits. Apply in person or call for interview.
EFFICIENT TEMPORARIES, INC.
Immediate opening for experienced person. Excellent salary and benefits. Call for appointment or send resume in confidence. An Equal Opportunity Employer. Full time days, pleasant working conditions, good salary and benefits. Apply in person or call for interview. Immediate opening for experienced person. Excellent salary and benefits. Call for appointment or send resume in confidence. An Equal Opportunity Employer. Full time days, pleasant working conditions, good salary and benefits. Apply in person or call for interview.
504 Help Wanted Office-Clerical
ENTER PUBLIC RELATIONS
Immediate opening for experienced person. Excellent salary and benefits. Call for appointment or send resume in confidence. An Equal Opportunity Employer. Full time days, pleasant working conditions, good salary and benefits. Apply in person or call for interview. Immediate opening for experienced person. Excellent salary and benefits. Call for appointment or send resume in confidence. An Equal Opportunity Employer. Full time days, pleasant working conditions, good salary and benefits. Apply in person or call for interview. Immediate opening for experienced person. Excellent salary and benefits. Call for appointment or send resume in confidence. An Equal Opportunity Employer. Full time days, pleasant working conditions, good salary and benefits. Apply in person or call for interview.
PERMANENT STAFF
Immediate opening for experienced person. Excellent salary and benefits. Call for appointment or send resume in confidence. An Equal Opportunity Employer. Full time days, pleasant working conditions, good salary and benefits. Apply in person or call for interview. Immediate opening for experienced person. Excellent salary and benefits. Call for appointment or send resume in confidence. An Equal Opportunity Employer. Full time days, pleasant working conditions, good salary and benefits. Apply in person or call for interview.
EXECUTIVE SECRETARY
Immediate opening for experienced person. Excellent salary and benefits. Call for appointment or send resume in confidence. An Equal Opportunity Employer. Full time days, pleasant working conditions, good salary and benefits. Apply in person or call for interview. Immediate opening for experienced person. Excellent salary and benefits. Call for appointment or send resume in confidence. An Equal Opportunity Employer. Full time days, pleasant working conditions, good salary and benefits. Apply in person or call for interview.
EXECUTIVE SECRETARY
Immediate opening for experienced person. Excellent salary and benefits. Call for appointment or send resume in confidence. An Equal Opportunity Employer. Full time days, pleasant working conditions, good salary and benefits. Apply in person or call for interview. Immediate opening for experienced person. Excellent salary and benefits. Call for appointment or send resume in confidence. An Equal Opportunity Employer. Full time days, pleasant working conditions, good salary and benefits. Apply in person or call for interview. Immediate opening for experienced person. Excellent salary and benefits. Call for appointment or send resume in confidence. An Equal Opportunity Employer. Full time days, pleasant working conditions, good salary and benefits. Apply in person or call for interview.
EXECUTIVE SECRETARY
Immediate opening for experienced person. Excellent salary and benefits. Call for appointment or send resume in confidence. An Equal Opportunity Employer. Full time days, pleasant working conditions, good salary and benefits. Apply in person or call for interview. Immediate opening for experienced person. Excellent salary and benefits. Call for appointment or send resume in confidence. An Equal Opportunity Employer. Full time days, pleasant working conditions, good salary and benefits. Apply in person or call for interview. Immediate opening for experienced person. Excellent salary and benefits. Call for appointment or send resume in confidence. An Equal Opportunity Employer. Full time days, pleasant working conditions, good salary and benefits. Apply in person or call for interview.
EXECUTIVE SECRETARY
Immediate opening for experienced person. Excellent salary and benefits. Call for appointment or send resume in confidence. An Equal Opportunity Employer. Full time days, pleasant working conditions, good salary and benefits. Apply in person or call for interview. Immediate opening for experienced person. Excellent salary and benefits. Call for appointment or send resume in confidence. An Equal Opportunity Employer. Full time days, pleasant working conditions, good salary and benefits. Apply in person or call for interview. Immediate opening for experienced person. Excellent salary and benefits. Call for appointment or send resume in confidence. An Equal Opportunity Employer. Full time days, pleasant working conditions, good salary and benefits. Apply in person or call for interview.
FREE TRAINING
Immediate opening for experienced person. Excellent salary and benefits. Call for appointment or send resume in confidence. An Equal Opportunity Employer. Full time days, pleasant working conditions, good salary and benefits. Apply in person or call for interview. Immediate opening for experienced person. Excellent salary and benefits. Call for appointment or send resume in confidence. An Equal Opportunity Employer. Full time days, pleasant working conditions, good salary and benefits. Apply in person or call for interview. Immediate opening for experienced person. Excellent salary and benefits. Call for appointment or send resume in confidence. An Equal Opportunity Employer. Full time days, pleasant working conditions, good salary and benefits. Apply in person or call for interview.
GENERAL OFFICE
Immediate opening for experienced person. Excellent salary and benefits. Call for appointment or send resume in confidence. An Equal Opportunity Employer. Full time days, pleasant working conditions, good salary and benefits. Apply in person or call for interview. Immediate opening for experienced person. Excellent salary and benefits. Call for appointment or send resume in confidence. An Equal Opportunity Employer. Full time days, pleasant working conditions, good salary and benefits. Apply in person or call for interview. Immediate opening for experienced person. Excellent salary and benefits. Call for appointment or send resume in confidence. An Equal Opportunity Employer. Full time days, pleasant working conditions, good salary and benefits. Apply in person or call for interview.
This Classification continued on the First Page of Section D
